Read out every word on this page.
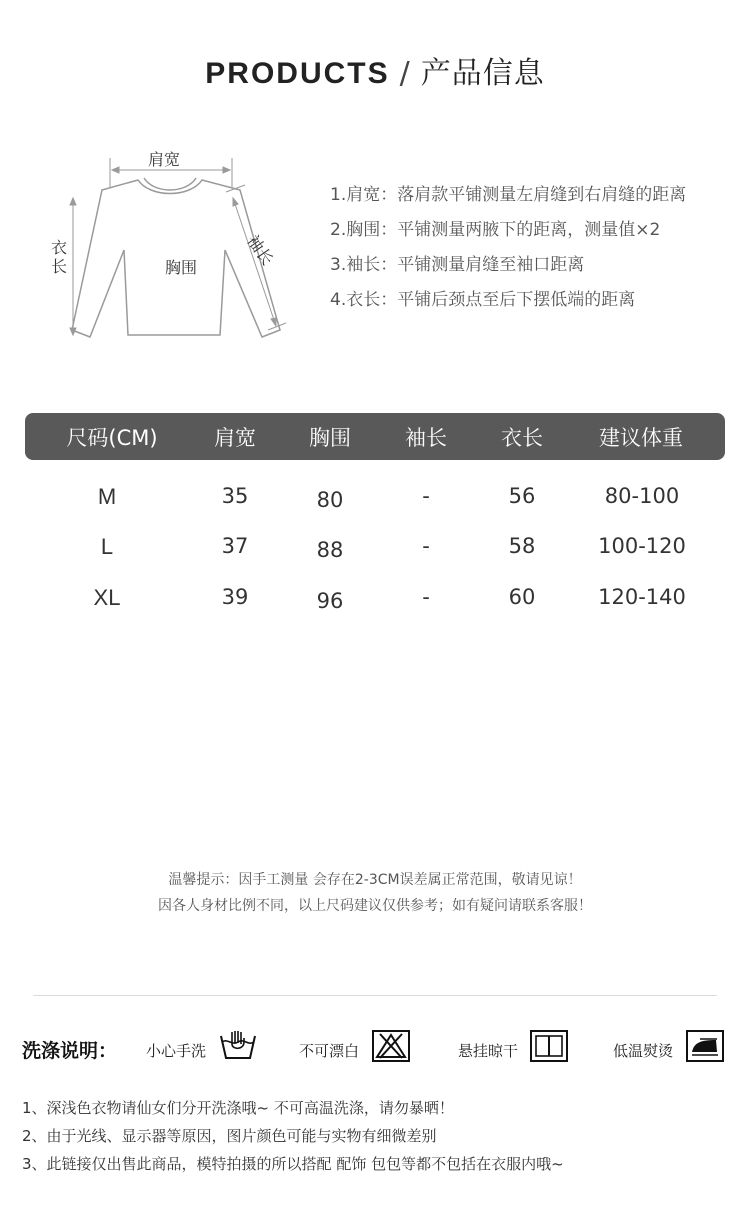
PRODUCTS / 产品信息
肩宽
胸围	袖长
衣
长
1.肩宽：落肩款平铺测量左肩缝到右肩缝的距离
2.胸围：平铺测量两腋下的距离，测量值×2
3.袖长：平铺测量肩缝至袖口距离
4.衣长：平铺后颈点至后下摆低端的距离
尺码(CM)	肩宽	胸围	袖长	衣长	建议体重
M	35	80	-	56	80-100
L	37	88	-	58	100-120
XL	39	96	-	60	120-140
温馨提示：因手工测量 会存在2-3CM误差属正常范围，敬请见谅！
因各人身材比例不同，以上尺码建议仅供参考；如有疑问请联系客服！
洗涤说明： 小心手洗	不可漂白	悬挂晾干	低温熨烫
1、深浅色衣物请仙女们分开洗涤哦~ 不可高温洗涤，请勿暴晒！
2、由于光线、显示器等原因，图片颜色可能与实物有细微差别
3、此链接仅出售此商品，模特拍摄的所以搭配 配饰 包包等都不包括在衣服内哦~
